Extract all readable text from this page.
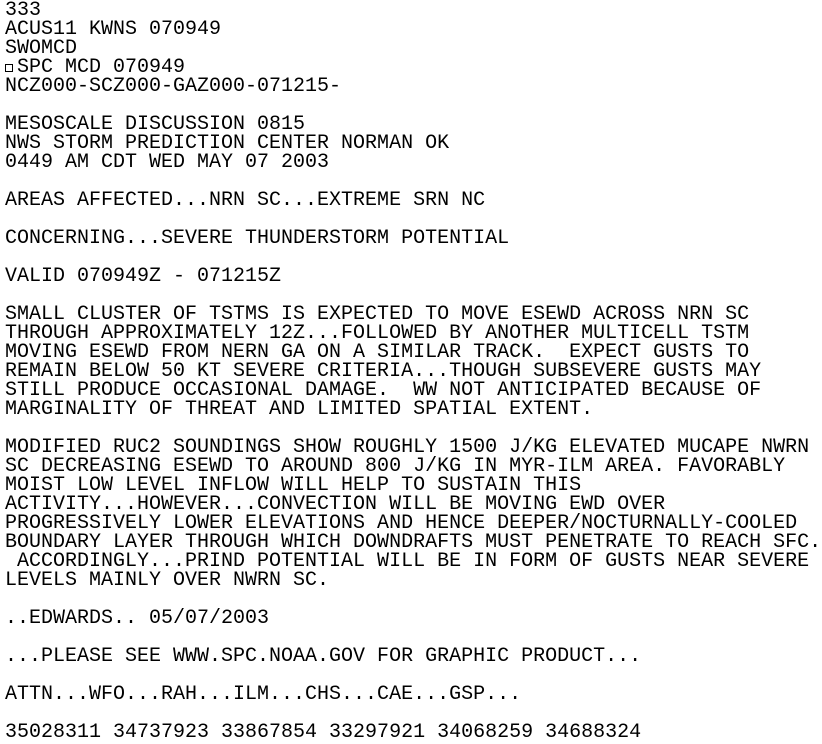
333
ACUS11 KWNS 070949
SWOMCD
SPC MCD 070949
NCZ000-SCZ000-GAZ000-071215-
MESOSCALE DISCUSSION 0815
NWS STORM PREDICTION CENTER NORMAN OK
0449 AM CDT WED MAY 07 2003
AREAS AFFECTED...NRN SC...EXTREME SRN NC
CONCERNING...SEVERE THUNDERSTORM POTENTIAL
VALID 070949Z - 071215Z
SMALL CLUSTER OF TSTMS IS EXPECTED TO MOVE ESEWD ACROSS NRN SC
THROUGH APPROXIMATELY 12Z...FOLLOWED BY ANOTHER MULTICELL TSTM
MOVING ESEWD FROM NERN GA ON A SIMILAR TRACK.  EXPECT GUSTS TO
REMAIN BELOW 50 KT SEVERE CRITERIA...THOUGH SUBSEVERE GUSTS MAY
STILL PRODUCE OCCASIONAL DAMAGE.  WW NOT ANTICIPATED BECAUSE OF
MARGINALITY OF THREAT AND LIMITED SPATIAL EXTENT.
MODIFIED RUC2 SOUNDINGS SHOW ROUGHLY 1500 J/KG ELEVATED MUCAPE NWRN
SC DECREASING ESEWD TO AROUND 800 J/KG IN MYR-ILM AREA. FAVORABLY
MOIST LOW LEVEL INFLOW WILL HELP TO SUSTAIN THIS
ACTIVITY...HOWEVER...CONVECTION WILL BE MOVING EWD OVER
PROGRESSIVELY LOWER ELEVATIONS AND HENCE DEEPER/NOCTURNALLY-COOLED
BOUNDARY LAYER THROUGH WHICH DOWNDRAFTS MUST PENETRATE TO REACH SFC.
ACCORDINGLY...PRIND POTENTIAL WILL BE IN FORM OF GUSTS NEAR SEVERE
LEVELS MAINLY OVER NWRN SC.
..EDWARDS.. 05/07/2003
...PLEASE SEE WWW.SPC.NOAA.GOV FOR GRAPHIC PRODUCT...
ATTN...WFO...RAH...ILM...CHS...CAE...GSP...
35028311 34737923 33867854 33297921 34068259 34688324
